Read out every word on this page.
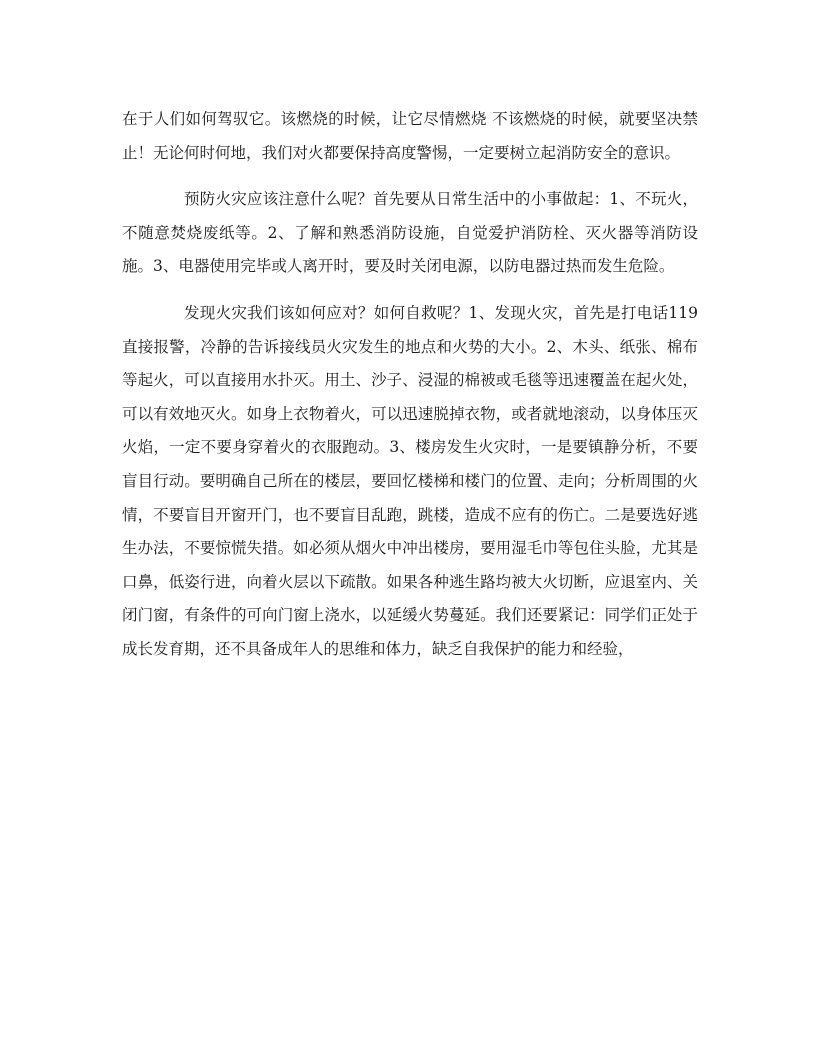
在于人们如何驾驭它。该燃烧的时候，让它尽情燃烧 不该燃烧的时候，就要坚决禁止！无论何时何地，我们对火都要保持高度警惕，一定要树立起消防安全的意识。

预防火灾应该注意什么呢？首先要从日常生活中的小事做起：1、不玩火，不随意焚烧废纸等。2、了解和熟悉消防设施，自觉爱护消防栓、灭火器等消防设施。3、电器使用完毕或人离开时，要及时关闭电源，以防电器过热而发生危险。

发现火灾我们该如何应对？如何自救呢？1、发现火灾，首先是打电话119直接报警，冷静的告诉接线员火灾发生的地点和火势的大小。2、木头、纸张、棉布等起火，可以直接用水扑灭。用土、沙子、浸湿的棉被或毛毯等迅速覆盖在起火处，可以有效地灭火。如身上衣物着火，可以迅速脱掉衣物，或者就地滚动，以身体压灭火焰，一定不要身穿着火的衣服跑动。3、楼房发生火灾时，一是要镇静分析，不要盲目行动。要明确自己所在的楼层，要回忆楼梯和楼门的位置、走向；分析周围的火情，不要盲目开窗开门，也不要盲目乱跑，跳楼，造成不应有的伤亡。二是要选好逃生办法，不要惊慌失措。如必须从烟火中冲出楼房，要用湿毛巾等包住头脸，尤其是口鼻，低姿行进，向着火层以下疏散。如果各种逃生路均被大火切断，应退室内、关闭门窗，有条件的可向门窗上浇水，以延缓火势蔓延。我们还要紧记：同学们正处于成长发育期，还不具备成年人的思维和体力，缺乏自我保护的能力和经验，
